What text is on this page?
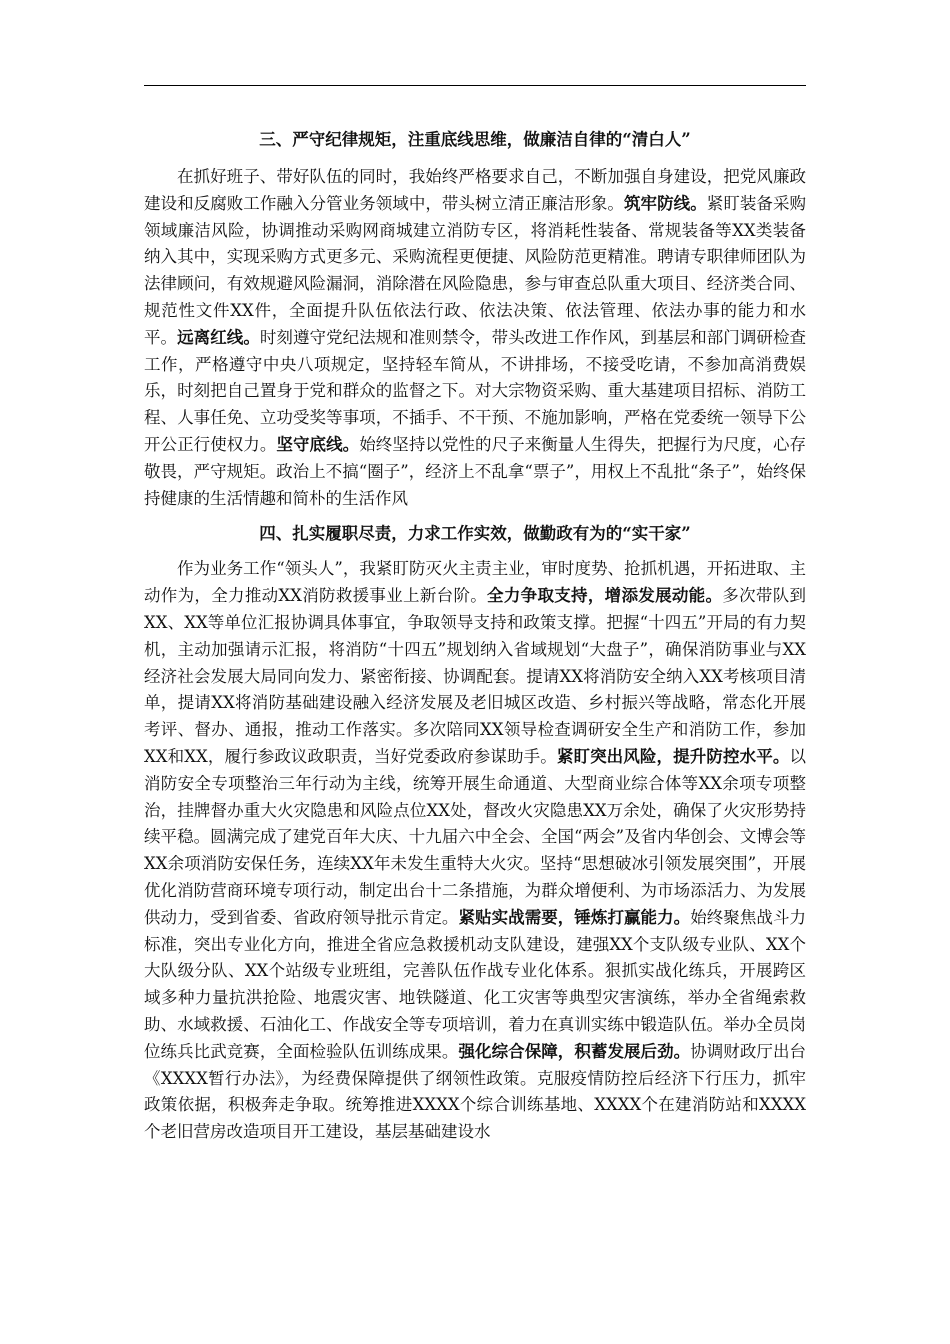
三、严守纪律规矩，注重底线思维，做廉洁自律的“清白人”

在抓好班子、带好队伍的同时，我始终严格要求自己，不断加强自身建设，把党风廉政建设和反腐败工作融入分管业务领域中，带头树立清正廉洁形象。筑牢防线。紧盯装备采购领域廉洁风险，协调推动采购网商城建立消防专区，将消耗性装备、常规装备等XX类装备纳入其中，实现采购方式更多元、采购流程更便捷、风险防范更精准。聘请专职律师团队为法律顾问，有效规避风险漏洞，消除潜在风险隐患，参与审查总队重大项目、经济类合同、规范性文件XX件，全面提升队伍依法行政、依法决策、依法管理、依法办事的能力和水平。远离红线。时刻遵守党纪法规和准则禁令，带头改进工作作风，到基层和部门调研检查工作，严格遵守中央八项规定，坚持轻车简从，不讲排场，不接受吃请，不参加高消费娱乐，时刻把自己置身于党和群众的监督之下。对大宗物资采购、重大基建项目招标、消防工程、人事任免、立功受奖等事项，不插手、不干预、不施加影响，严格在党委统一领导下公开公正行使权力。坚守底线。始终坚持以党性的尺子来衡量人生得失，把握行为尺度，心存敬畏，严守规矩。政治上不搞“圈子”，经济上不乱拿“票子”，用权上不乱批“条子”，始终保持健康的生活情趣和简朴的生活作风

四、扎实履职尽责，力求工作实效，做勤政有为的“实干家”

作为业务工作“领头人”，我紧盯防灭火主责主业，审时度势、抢抓机遇，开拓进取、主动作为，全力推动XX消防救援事业上新台阶。全力争取支持，增添发展动能。多次带队到XX、XX等单位汇报协调具体事宜，争取领导支持和政策支撑。把握“十四五”开局的有力契机，主动加强请示汇报，将消防“十四五”规划纳入省域规划“大盘子”，确保消防事业与XX经济社会发展大局同向发力、紧密衔接、协调配套。提请XX将消防安全纳入XX考核项目清单，提请XX将消防基础建设融入经济发展及老旧城区改造、乡村振兴等战略，常态化开展考评、督办、通报，推动工作落实。多次陪同XX领导检查调研安全生产和消防工作，参加XX和XX，履行参政议政职责，当好党委政府参谋助手。紧盯突出风险，提升防控水平。以消防安全专项整治三年行动为主线，统筹开展生命通道、大型商业综合体等XX余项专项整治，挂牌督办重大火灾隐患和风险点位XX处，督改火灾隐患XX万余处，确保了火灾形势持续平稳。圆满完成了建党百年大庆、十九届六中全会、全国“两会”及省内华创会、文博会等XX余项消防安保任务，连续XX年未发生重特大火灾。坚持“思想破冰引领发展突围”，开展优化消防营商环境专项行动，制定出台十二条措施，为群众增便利、为市场添活力、为发展供动力，受到省委、省政府领导批示肯定。紧贴实战需要，锤炼打赢能力。始终聚焦战斗力标准，突出专业化方向，推进全省应急救援机动支队建设，建强XX个支队级专业队、XX个大队级分队、XX个站级专业班组，完善队伍作战专业化体系。狠抓实战化练兵，开展跨区域多种力量抗洪抢险、地震灾害、地铁隧道、化工灾害等典型灾害演练，举办全省绳索救助、水域救援、石油化工、作战安全等专项培训，着力在真训实练中锻造队伍。举办全员岗位练兵比武竞赛，全面检验队伍训练成果。强化综合保障，积蓄发展后劲。协调财政厅出台《XXXX暂行办法》，为经费保障提供了纲领性政策。克服疫情防控后经济下行压力，抓牢政策依据，积极奔走争取。统筹推进XXXX个综合训练基地、XXXX个在建消防站和XXXX个老旧营房改造项目开工建设，基层基础建设水
